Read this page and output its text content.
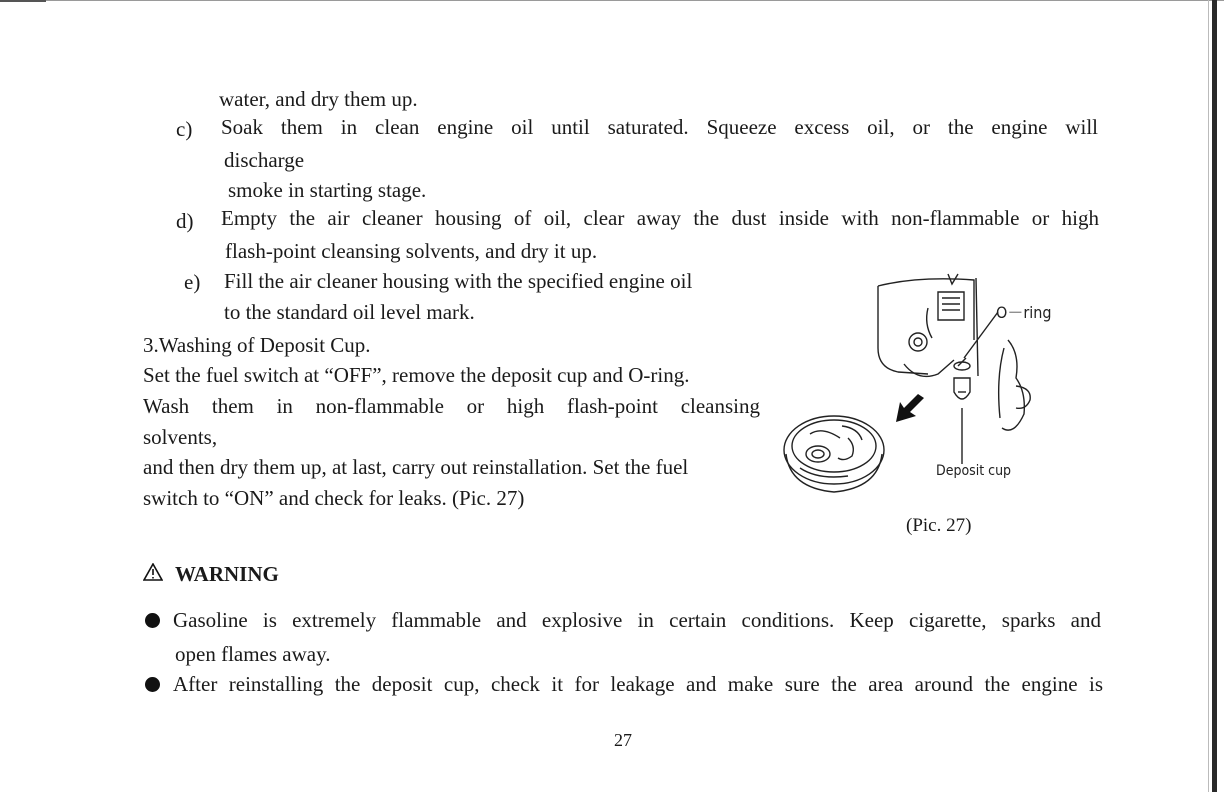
water, and dry them up.
c) Soak them in clean engine oil until saturated. Squeeze excess oil, or the engine will
discharge
smoke in starting stage.
d) Empty the air cleaner housing of oil, clear away the dust inside with non-flammable or high
flash-point cleansing solvents, and dry it up.
e) Fill the air cleaner housing with the specified engine oil
to the standard oil level mark.
3.Washing of Deposit Cup.
Set the fuel switch at “OFF”, remove the deposit cup and O-ring.
Wash them in non-flammable or high flash-point cleansing
solvents,
and then dry them up, at last, carry out reinstallation. Set the fuel
switch to “ON” and check for leaks. (Pic. 27)
O－ring
Deposit cup
(Pic. 27)
WARNING
Gasoline is extremely flammable and explosive in certain conditions. Keep cigarette, sparks and
open flames away.
After reinstalling the deposit cup, check it for leakage and make sure the area around the engine is
27
